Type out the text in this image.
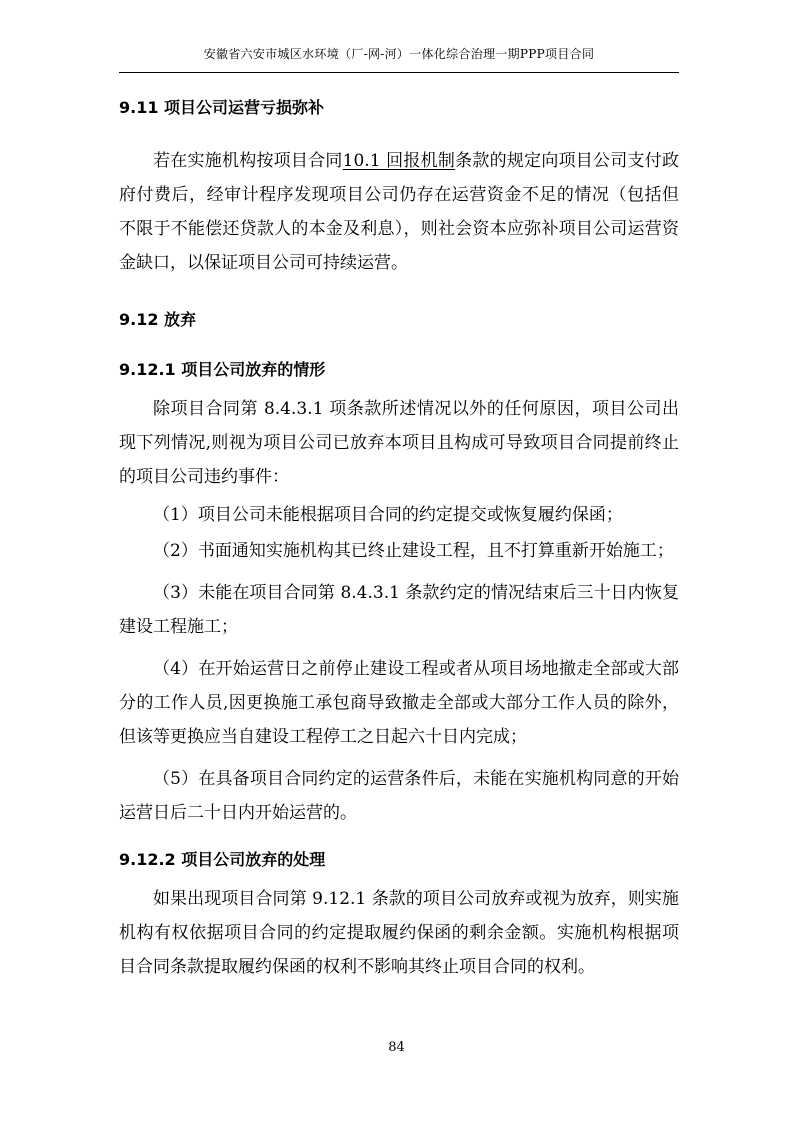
安徽省六安市城区水环境（厂-网-河）一体化综合治理一期PPP项目合同
9.11 项目公司运营亏损弥补

若在实施机构按项目合同10.1 回报机制条款的规定向项目公司支付政府付费后，经审计程序发现项目公司仍存在运营资金不足的情况（包括但不限于不能偿还贷款人的本金及利息），则社会资本应弥补项目公司运营资金缺口，以保证项目公司可持续运营。

9.12 放弃
9.12.1 项目公司放弃的情形

除项目合同第 8.4.3.1 项条款所述情况以外的任何原因，项目公司出现下列情况,则视为项目公司已放弃本项目且构成可导致项目合同提前终止的项目公司违约事件：

（1）项目公司未能根据项目合同的约定提交或恢复履约保函；

（2）书面通知实施机构其已终止建设工程，且不打算重新开始施工；

（3）未能在项目合同第 8.4.3.1 条款约定的情况结束后三十日内恢复建设工程施工；

（4）在开始运营日之前停止建设工程或者从项目场地撤走全部或大部分的工作人员,因更换施工承包商导致撤走全部或大部分工作人员的除外，但该等更换应当自建设工程停工之日起六十日内完成；

（5）在具备项目合同约定的运营条件后，未能在实施机构同意的开始运营日后二十日内开始运营的。

9.12.2 项目公司放弃的处理

如果出现项目合同第 9.12.1 条款的项目公司放弃或视为放弃，则实施机构有权依据项目合同的约定提取履约保函的剩余金额。实施机构根据项目合同条款提取履约保函的权利不影响其终止项目合同的权利。

84
